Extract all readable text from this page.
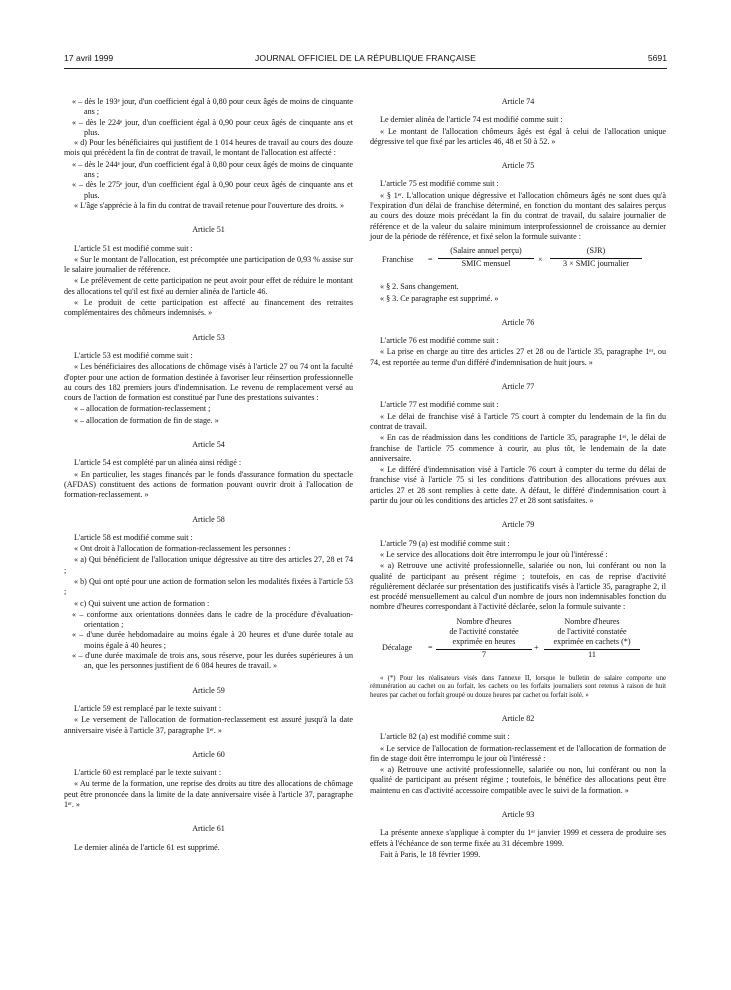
17 avril 1999	JOURNAL OFFICIEL DE LA RÉPUBLIQUE FRANÇAISE	5691

« – dès le 193ᵉ jour, d'un coefficient égal à 0,80 pour ceux âgés de moins de cinquante ans ;

« – dès le 224ᵉ jour, d'un coefficient égal à 0,90 pour ceux âgés de cinquante ans et plus.

« d) Pour les bénéficiaires qui justifient de 1 014 heures de travail au cours des douze mois qui précèdent la fin de contrat de travail, le montant de l'allocation est affecté :

« – dès le 244ᵉ jour, d'un coefficient égal à 0,80 pour ceux âgés de moins de cinquante ans ;

« – dès le 275ᵉ jour, d'un coefficient égal à 0,90 pour ceux âgés de cinquante ans et plus.

« L'âge s'apprécie à la fin du contrat de travail retenue pour l'ouverture des droits. »

Article 51

L'article 51 est modifié comme suit :

« Sur le montant de l'allocation, est précomptée une participation de 0,93 % assise sur le salaire journalier de référence.

« Le prélèvement de cette participation ne peut avoir pour effet de réduire le montant des allocations tel qu'il est fixé au dernier alinéa de l'article 46.

« Le produit de cette participation est affecté au financement des retraites complémentaires des chômeurs indemnisés. »

Article 53

L'article 53 est modifié comme suit :

« Les bénéficiaires des allocations de chômage visés à l'article 27 ou 74 ont la faculté d'opter pour une action de formation destinée à favoriser leur réinsertion professionnelle au cours des 182 premiers jours d'indemnisation. Le revenu de remplacement versé au cours de l'action de formation est constitué par l'une des prestations suivantes :

« – allocation de formation-reclassement ;

« – allocation de formation de fin de stage. »

Article 54

L'article 54 est complété par un alinéa ainsi rédigé :

« En particulier, les stages financés par le fonds d'assurance formation du spectacle (AFDAS) constituent des actions de formation pouvant ouvrir droit à l'allocation de formation-reclassement. »

Article 58

L'article 58 est modifié comme suit :

« Ont droit à l'allocation de formation-reclassement les personnes :

« a) Qui bénéficient de l'allocation unique dégressive au titre des articles 27, 28 et 74 ;

« b) Qui ont opté pour une action de formation selon les modalités fixées à l'article 53 ;

« c) Qui suivent une action de formation :

« – conforme aux orientations données dans le cadre de la procédure d'évaluation-orientation ;

« – d'une durée hebdomadaire au moins égale à 20 heures et d'une durée totale au moins égale à 40 heures ;

« – d'une durée maximale de trois ans, sous réserve, pour les durées supérieures à un an, que les personnes justifient de 6 084 heures de travail. »

Article 59

L'article 59 est remplacé par le texte suivant :

« Le versement de l'allocation de formation-reclassement est assuré jusqu'à la date anniversaire visée à l'article 37, paragraphe 1ᵉʳ. »

Article 60

L'article 60 est remplacé par le texte suivant :

« Au terme de la formation, une reprise des droits au titre des allocations de chômage peut être prononcée dans la limite de la date anniversaire visée à l'article 37, paragraphe 1ᵉʳ. »

Article 61

Le dernier alinéa de l'article 61 est supprimé.

Article 74

Le dernier alinéa de l'article 74 est modifié comme suit :

« Le montant de l'allocation chômeurs âgés est égal à celui de l'allocation unique dégressive tel que fixé par les articles 46, 48 et 50 à 52. »

Article 75

L'article 75 est modifié comme suit :

« § 1ᵉʳ. L'allocation unique dégressive et l'allocation chômeurs âgés ne sont dues qu'à l'expiration d'un délai de franchise déterminé, en fonction du montant des salaires perçus au cours des douze mois précédant la fin du contrat de travail, du salaire journalier de référence et de la valeur du salaire minimum interprofessionnel de croissance au dernier jour de la période de référence, et fixé selon la formule suivante :

Franchise =
(Salaire annuel perçu)
SMIC mensuel	×
(SJR)
3 × SMIC journalier

« § 2. Sans changement.

« § 3. Ce paragraphe est supprimé. »

Article 76

L'article 76 est modifié comme suit :

« La prise en charge au titre des articles 27 et 28 ou de l'article 35, paragraphe 1ᵉʳ, ou 74, est reportée au terme d'un différé d'indemnisation de huit jours. »

Article 77

L'article 77 est modifié comme suit :

« Le délai de franchise visé à l'article 75 court à compter du lendemain de la fin du contrat de travail.

« En cas de réadmission dans les conditions de l'article 35, paragraphe 1ᵉʳ, le délai de franchise de l'article 75 commence à courir, au plus tôt, le lendemain de la date anniversaire.

« Le différé d'indemnisation visé à l'article 76 court à compter du terme du délai de franchise visé à l'article 75 si les conditions d'attribution des allocations prévues aux articles 27 et 28 sont remplies à cette date. A défaut, le différé d'indemnisation court à partir du jour où les conditions des articles 27 et 28 sont satisfaites. »

Article 79

L'article 79 (a) est modifié comme suit :

« Le service des allocations doit être interrompu le jour où l'intéressé :

« a) Retrouve une activité professionnelle, salariée ou non, lui conférant ou non la qualité de participant au présent régime ; toutefois, en cas de reprise d'activité régulièrement déclarée sur présentation des justificatifs visés à l'article 35, paragraphe 2, il est procédé mensuellement au calcul d'un nombre de jours non indemnisables fonction du nombre d'heures correspondant à l'activité déclarée, selon la formule suivante :

Décalage =
Nombre d'heures
de l'activité constatée
exprimée en heures
7
+
Nombre d'heures
de l'activité constatée
exprimée en cachets (*)
11

« (*) Pour les réalisateurs visés dans l'annexe II, lorsque le bulletin de salaire comporte une rémunération au cachet ou au forfait, les cachets ou les forfaits journaliers sont retenus à raison de huit heures par cachet ou forfait groupé ou douze heures par cachet ou forfait isolé. »

Article 82

L'article 82 (a) est modifié comme suit :

« Le service de l'allocation de formation-reclassement et de l'allocation de formation de fin de stage doit être interrompu le jour où l'intéressé :

« a) Retrouve une activité professionnelle, salariée ou non, lui conférant ou non la qualité de participant au présent régime ; toutefois, le bénéfice des allocations peut être maintenu en cas d'activité accessoire compatible avec le suivi de la formation. »

Article 93

La présente annexe s'applique à compter du 1ᵉʳ janvier 1999 et cessera de produire ses effets à l'échéance de son terme fixée au 31 décembre 1999.

Fait à Paris, le 18 février 1999.
